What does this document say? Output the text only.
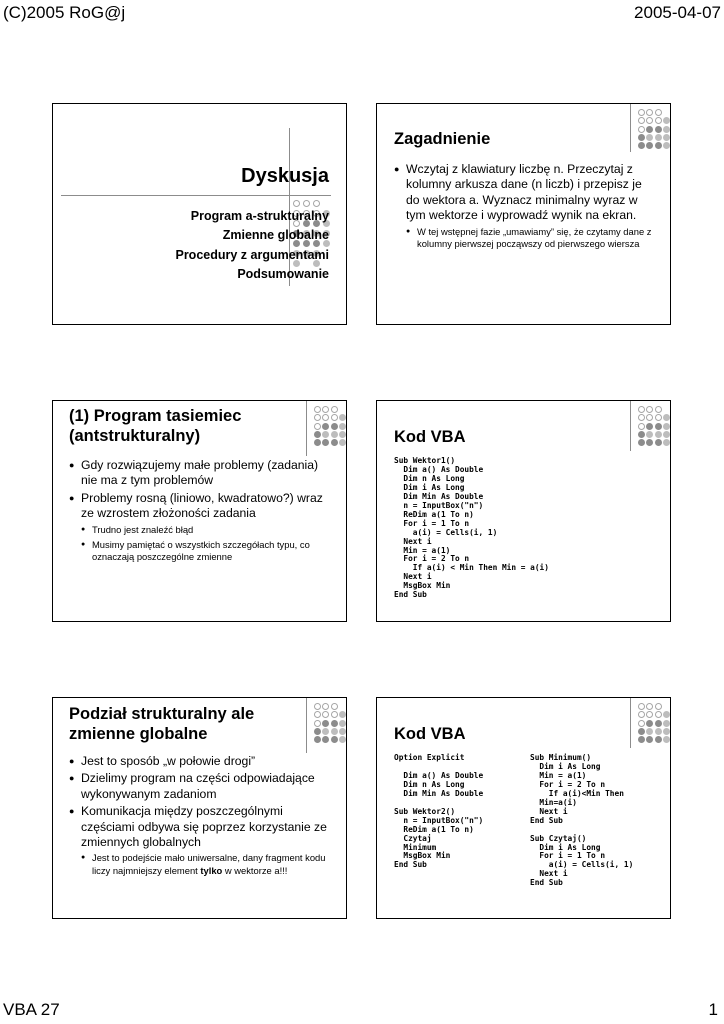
(C)2005 RoG@j	2005-04-07
Dyskusja
Program a-strukturalny
Zmienne globalne
Procedury z argumentami
Podsumowanie
Zagadnienie
● Wczytaj z klawiatury liczbę n. Przeczytaj z kolumny arkusza dane (n liczb) i przepisz je do wektora a. Wyznacz minimalny wyraz w tym wektorze i wyprowadź wynik na ekran.
● W tej wstępnej fazie „umawiamy” się, że czytamy dane z kolumny pierwszej począwszy od pierwszego wiersza
(1) Program tasiemiec
(antstrukturalny)
● Gdy rozwiązujemy małe problemy (zadania) nie ma z tym problemów
● Problemy rosną (liniowo, kwadratowo?) wraz ze wzrostem złożoności zadania
● Trudno jest znaleźć błąd
● Musimy pamiętać o wszystkich szczegółach typu, co oznaczają poszczególne zmienne
Kod VBA
Sub Wektor1()
Dim a() As Double
Dim n As Long
Dim i As Long
Dim Min As Double
n = InputBox("n")
ReDim a(1 To n)
For i = 1 To n
a(i) = Cells(i, 1)
Next i
Min = a(1)
For i = 2 To n
If a(i) < Min Then Min = a(i)
Next i
MsgBox Min
End Sub
Podział strukturalny ale
zmienne globalne
● Jest to sposób „w połowie drogi”
● Dzielimy program na części odpowiadające wykonywanym zadaniom
● Komunikacja między poszczególnymi częściami odbywa się poprzez korzystanie ze zmiennych globalnych
● Jest to podejście mało uniwersalne, dany fragment kodu liczy najmniejszy element tylko w wektorze a!!!
Kod VBA
Option Explicit

Dim a() As Double
Dim n As Long
Dim Min As Double

Sub Wektor2()
n = InputBox("n")
ReDim a(1 To n)
Czytaj
Minimum
MsgBox Min
End Sub
Sub Minimum()
Dim i As Long
Min = a(1)
For i = 2 To n
If a(i)<Min Then
Min=a(i)
Next i
End Sub

Sub Czytaj()
Dim i As Long
For i = 1 To n
a(i) = Cells(i, 1)
Next i
End Sub
VBA 27	1
